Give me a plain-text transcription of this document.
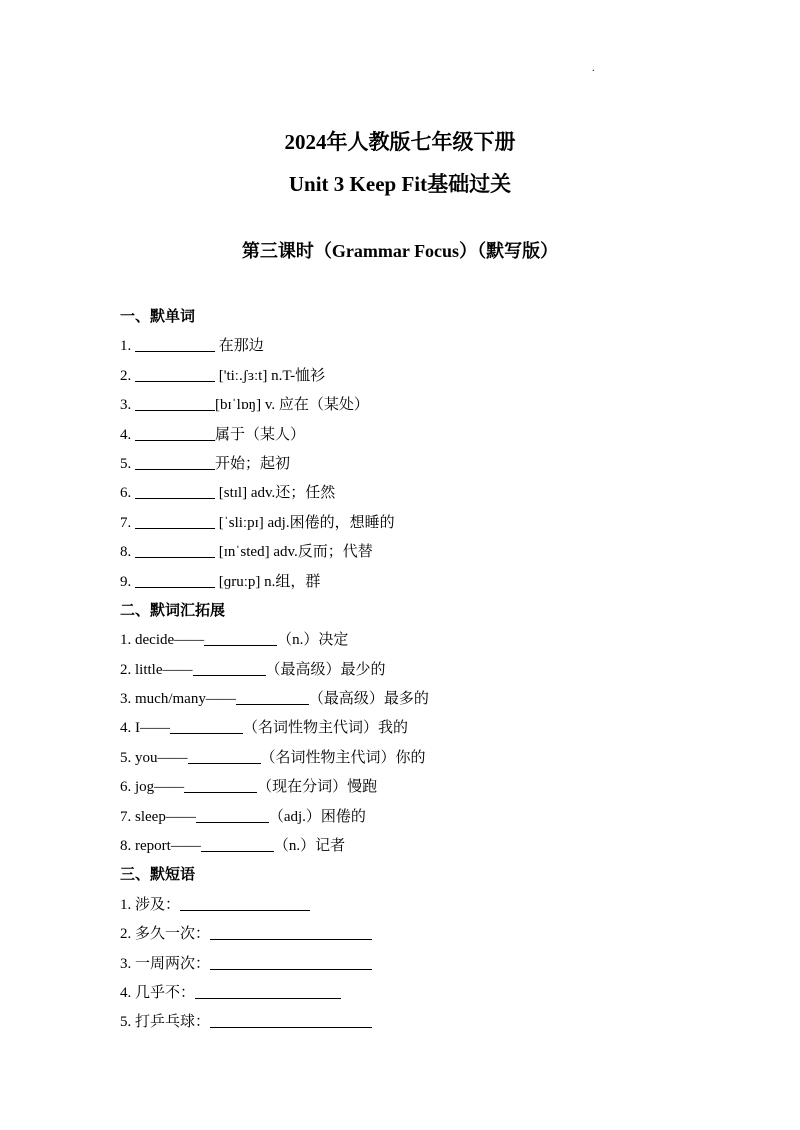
.
2024年人教版七年级下册
Unit 3 Keep Fit基础过关
第三课时（Grammar Focus）（默写版）
一、默单词
1.	在那边
2.	['tiː.ʃɜːt] n.T-恤衫
3.	[bɪˈlɒŋ] v. 应在（某处）
4.	属于（某人）
5.	开始；起初
6.	[stɪl] adv.还；任然
7.	[ˈsliːpɪ] adj.困倦的，想睡的
8.	[ɪnˈsted] adv.反而；代替
9.	[ɡruːp] n.组，群
二、默词汇拓展
1. decide——	（n.）决定
2. little——	（最高级）最少的
3. much/many——	（最高级）最多的
4. I——	（名词性物主代词）我的
5. you——	（名词性物主代词）你的
6. jog——	（现在分词）慢跑
7. sleep——	（adj.）困倦的
8. report——	（n.）记者
三、默短语
1. 涉及：
2. 多久一次：
3. 一周两次：
4. 几乎不：
5. 打乒乓球：
